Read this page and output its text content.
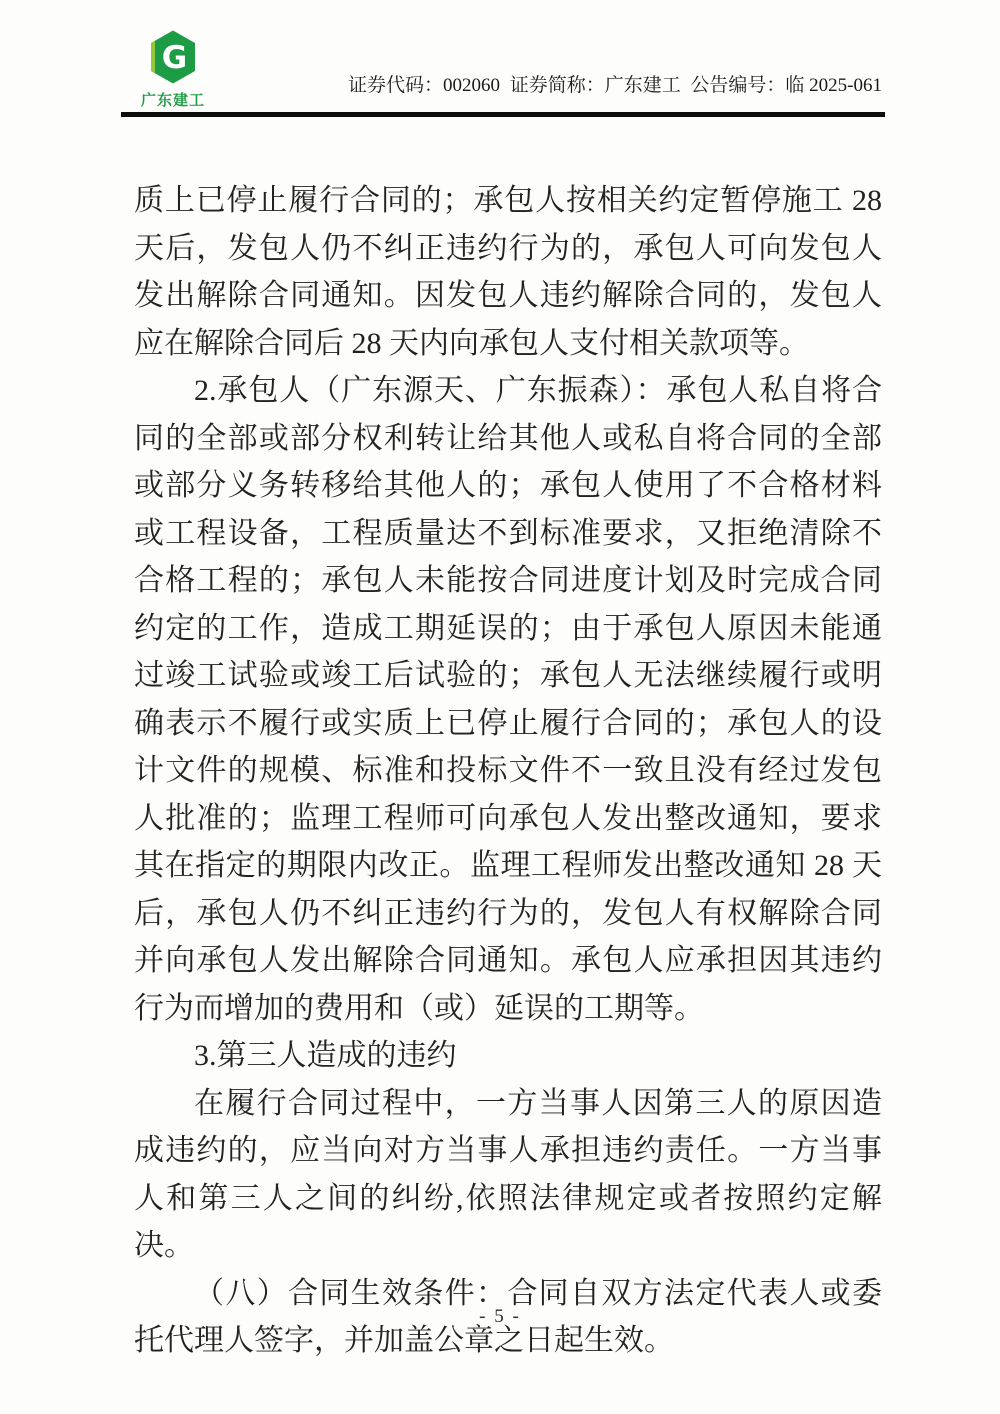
G
广东建工
证券代码：002060 证券简称：广东建工 公告编号：临 2025-061

质上已停止履行合同的；承包人按相关约定暂停施工 28 天后，发包人仍不纠正违约行为的，承包人可向发包人发出解除合同通知。因发包人违约解除合同的，发包人应在解除合同后 28 天内向承包人支付相关款项等。

2.承包人（广东源天、广东振森）：承包人私自将合同的全部或部分权利转让给其他人或私自将合同的全部或部分义务转移给其他人的；承包人使用了不合格材料或工程设备，工程质量达不到标准要求，又拒绝清除不合格工程的；承包人未能按合同进度计划及时完成合同约定的工作，造成工期延误的；由于承包人原因未能通过竣工试验或竣工后试验的；承包人无法继续履行或明确表示不履行或实质上已停止履行合同的；承包人的设计文件的规模、标准和投标文件不一致且没有经过发包人批准的；监理工程师可向承包人发出整改通知，要求其在指定的期限内改正。监理工程师发出整改通知 28 天后，承包人仍不纠正违约行为的，发包人有权解除合同并向承包人发出解除合同通知。承包人应承担因其违约行为而增加的费用和（或）延误的工期等。

3.第三人造成的违约

在履行合同过程中，一方当事人因第三人的原因造成违约的，应当向对方当事人承担违约责任。一方当事人和第三人之间的纠纷,依照法律规定或者按照约定解决。

（八）合同生效条件：合同自双方法定代表人或委托代理人签字，并加盖公章之日起生效。

- 5 -
